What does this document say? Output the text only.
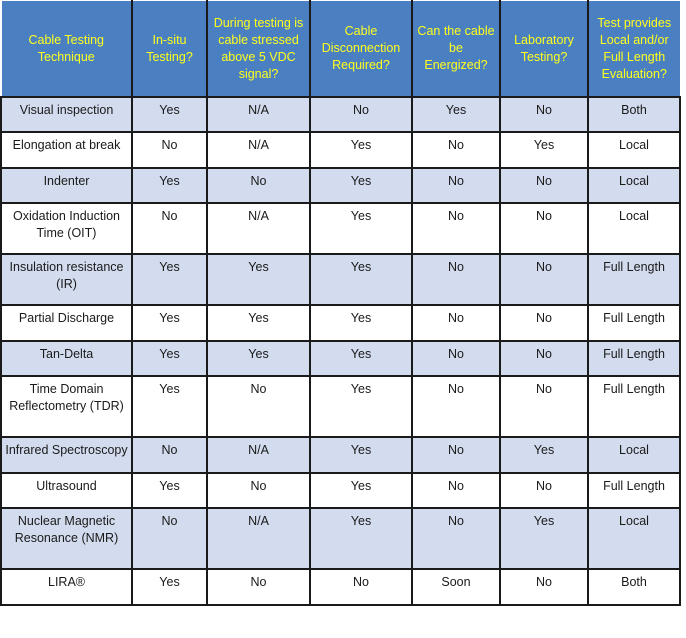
Cable Testing Technique	In-situ Testing?	During testing is cable stressed above 5 VDC signal?	Cable Disconnection Required?	Can the cable be Energized?	Laboratory Testing?	Test provides Local and/or Full Length Evaluation?
Visual inspection	Yes	N/A	No	Yes	No	Both
Elongation at break	No	N/A	Yes	No	Yes	Local
Indenter	Yes	No	Yes	No	No	Local
Oxidation Induction Time (OIT)	No	N/A	Yes	No	No	Local
Insulation resistance (IR)	Yes	Yes	Yes	No	No	Full Length
Partial Discharge	Yes	Yes	Yes	No	No	Full Length
Tan-Delta	Yes	Yes	Yes	No	No	Full Length
Time Domain Reflectometry (TDR)	Yes	No	Yes	No	No	Full Length
Infrared Spectroscopy	No	N/A	Yes	No	Yes	Local
Ultrasound	Yes	No	Yes	No	No	Full Length
Nuclear Magnetic Resonance (NMR)	No	N/A	Yes	No	Yes	Local
LIRA®	Yes	No	No	Soon	No	Both
